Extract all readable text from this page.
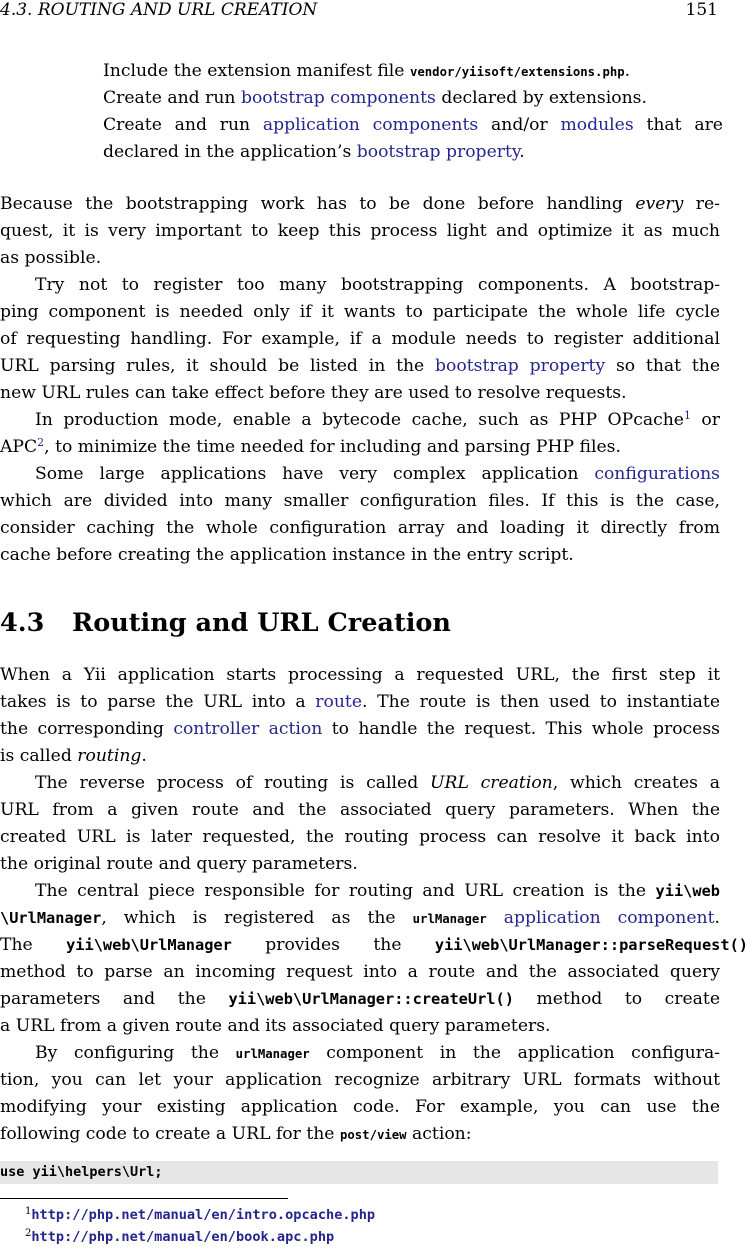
4.3. ROUTING AND URL CREATION	151
Include the extension manifest file vendor/yiisoft/extensions.php.
Create and run bootstrap components declared by extensions.
Create and run application components and/or modules that are
declared in the application’s bootstrap property.
Because the bootstrapping work has to be done before handling every re-
quest, it is very important to keep this process light and optimize it as much
as possible.
Try not to register too many bootstrapping components. A bootstrap-
ping component is needed only if it wants to participate the whole life cycle
of requesting handling. For example, if a module needs to register additional
URL parsing rules, it should be listed in the bootstrap property so that the
new URL rules can take effect before they are used to resolve requests.
In production mode, enable a bytecode cache, such as PHP OPcache$^1$ or
APC$^2$, to minimize the time needed for including and parsing PHP files.
Some large applications have very complex application configurations
which are divided into many smaller configuration files. If this is the case,
consider caching the whole configuration array and loading it directly from
cache before creating the application instance in the entry script.
4.3 Routing and URL Creation
When a Yii application starts processing a requested URL, the first step it
takes is to parse the URL into a route. The route is then used to instantiate
the corresponding controller action to handle the request. This whole process
is called routing.
The reverse process of routing is called URL creation, which creates a
URL from a given route and the associated query parameters. When the
created URL is later requested, the routing process can resolve it back into
the original route and query parameters.
The central piece responsible for routing and URL creation is the yii\web
\UrlManager, which is registered as the urlManager application component.
The yii\web\UrlManager provides the yii\web\UrlManager::parseRequest()
method to parse an incoming request into a route and the associated query
parameters and the yii\web\UrlManager::createUrl() method to create
a URL from a given route and its associated query parameters.
By configuring the urlManager component in the application configura-
tion, you can let your application recognize arbitrary URL formats without
modifying your existing application code. For example, you can use the
following code to create a URL for the post/view action:
use yii\helpers\Url;
$^1$http://php.net/manual/en/intro.opcache.php
$^2$http://php.net/manual/en/book.apc.php
